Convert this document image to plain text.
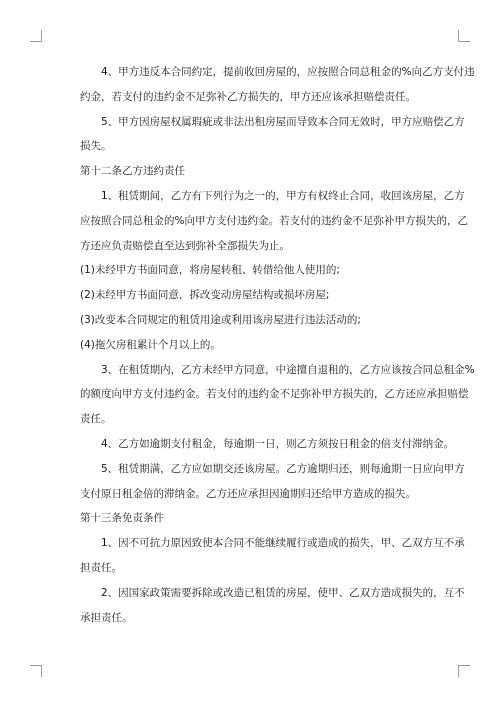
4、甲方违反本合同约定，提前收回房屋的，应按照合同总租金的%向乙方支付违
约金，若支付的违约金不足弥补乙方损失的，甲方还应该承担赔偿责任。

5、甲方因房屋权属瑕疵或非法出租房屋而导致本合同无效时，甲方应赔偿乙方
损失。

第十二条乙方违约责任

1、租赁期间，乙方有下列行为之一的，甲方有权终止合同，收回该房屋，乙方
应按照合同总租金的%向甲方支付违约金。若支付的违约金不足弥补甲方损失的，乙
方还应负责赔偿直至达到弥补全部损失为止。

(1)未经甲方书面同意，将房屋转租、转借给他人使用的;

(2)未经甲方书面同意，拆改变动房屋结构或损坏房屋;

(3)改变本合同规定的租赁用途或利用该房屋进行违法活动的;

(4)拖欠房租累计个月以上的。

3、在租赁期内，乙方未经甲方同意，中途擅自退租的，乙方应该按合同总租金%
的额度向甲方支付违约金。若支付的违约金不足弥补甲方损失的，乙方还应承担赔偿
责任。

4、乙方如逾期支付租金，每逾期一日，则乙方须按日租金的倍支付滞纳金。

5、租赁期满，乙方应如期交还该房屋。乙方逾期归还，则每逾期一日应向甲方
支付原日租金倍的滞纳金。乙方还应承担因逾期归还给甲方造成的损失。

第十三条免责条件

1、因不可抗力原因致使本合同不能继续履行或造成的损失，甲、乙双方互不承
担责任。

2、因国家政策需要拆除或改造已租赁的房屋，使甲、乙双方造成损失的，互不
承担责任。
